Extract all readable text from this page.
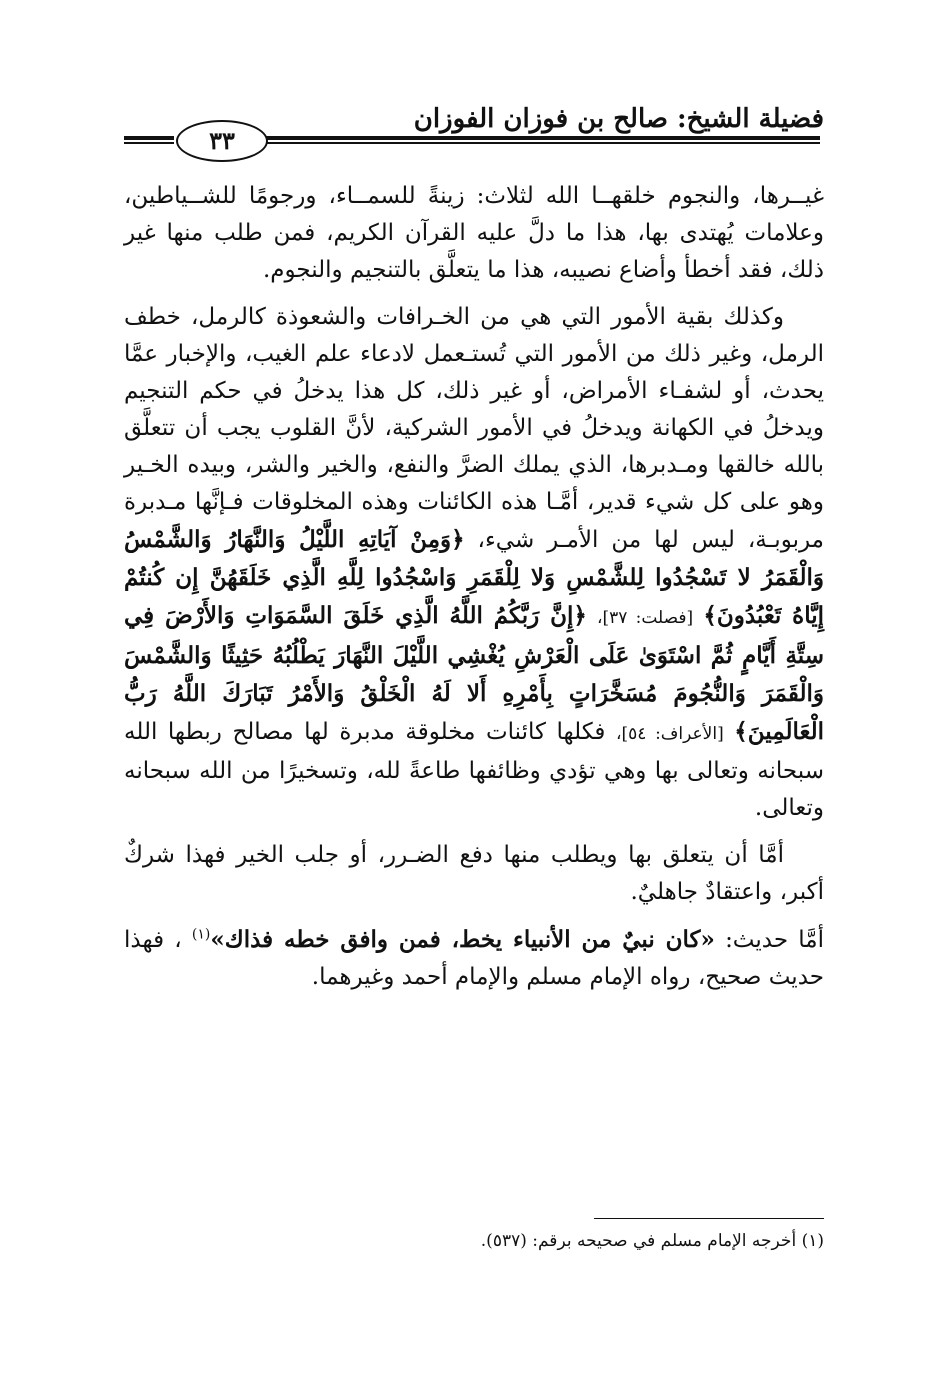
فضيلة الشيخ: صالح بن فوزان الفوزان
٣٣

غيــرها، والنجوم خلقهــا الله لثلاث: زينةً للسمــاء، ورجومًا للشــياطين، وعلامات يُهتدى بها، هذا ما دلَّ عليه القرآن الكريم، فمن طلب منها غير ذلك، فقد أخطأ وأضاع نصيبه، هذا ما يتعلَّق بالتنجيم والنجوم.

وكذلك بقية الأمور التي هي من الخـرافات والشعوذة كالرمل، خطف الرمل، وغير ذلك من الأمور التي تُستـعمل لادعاء علم الغيب، والإخبار عمَّا يحدث، أو لشفـاء الأمراض، أو غير ذلك، كل هذا يدخلُ في حكم التنجيم ويدخلُ في الكهانة ويدخلُ في الأمور الشركية، لأنَّ القلوب يجب أن تتعلَّق بالله خالقها ومـدبرها، الذي يملك الضرَّ والنفع، والخير والشر، وبيده الخـير وهو على كل شيء قدير، أمَّـا هذه الكائنات وهذه المخلوقات فـإنَّها مـدبرة مربوبـة، ليس لها من الأمـر شيء، ﴿وَمِنْ آيَاتِهِ اللَّيْلُ وَالنَّهَارُ وَالشَّمْسُ وَالْقَمَرُ لا تَسْجُدُوا لِلشَّمْسِ وَلا لِلْقَمَرِ وَاسْجُدُوا لِلَّهِ الَّذِي خَلَقَهُنَّ إِن كُنتُمْ إِيَّاهُ تَعْبُدُونَ﴾ [فصلت: ٣٧]، ﴿إِنَّ رَبَّكُمُ اللَّهُ الَّذِي خَلَقَ السَّمَوَاتِ وَالأَرْضَ فِي سِتَّةِ أَيَّامٍ ثُمَّ اسْتَوَىٰ عَلَى الْعَرْشِ يُغْشِي اللَّيْلَ النَّهَارَ يَطْلُبُهُ حَثِيثًا وَالشَّمْسَ وَالْقَمَرَ وَالنُّجُومَ مُسَخَّرَاتٍ بِأَمْرِهِ أَلا لَهُ الْخَلْقُ وَالأَمْرُ تَبَارَكَ اللَّهُ رَبُّ الْعَالَمِينَ﴾ [الأعراف: ٥٤]، فكلها كائنات مخلوقة مدبرة لها مصالح ربطها الله سبحانه وتعالى بها وهي تؤدي وظائفها طاعةً لله، وتسخيرًا من الله سبحانه وتعالى.

أمَّا أن يتعلق بها ويطلب منها دفع الضـرر، أو جلب الخير فهذا شركٌ أكبر، واعتقادٌ جاهليٌ.

أمَّا حديث: «كان نبيٌ من الأنبياء يخط، فمن وافق خطه فذاك»$^{(١)}$ ، فهذا حديث صحيح، رواه الإمام مسلم والإمام أحمد وغيرهما.

(١) أخرجه الإمام مسلم في صحيحه برقم: (٥٣٧).
